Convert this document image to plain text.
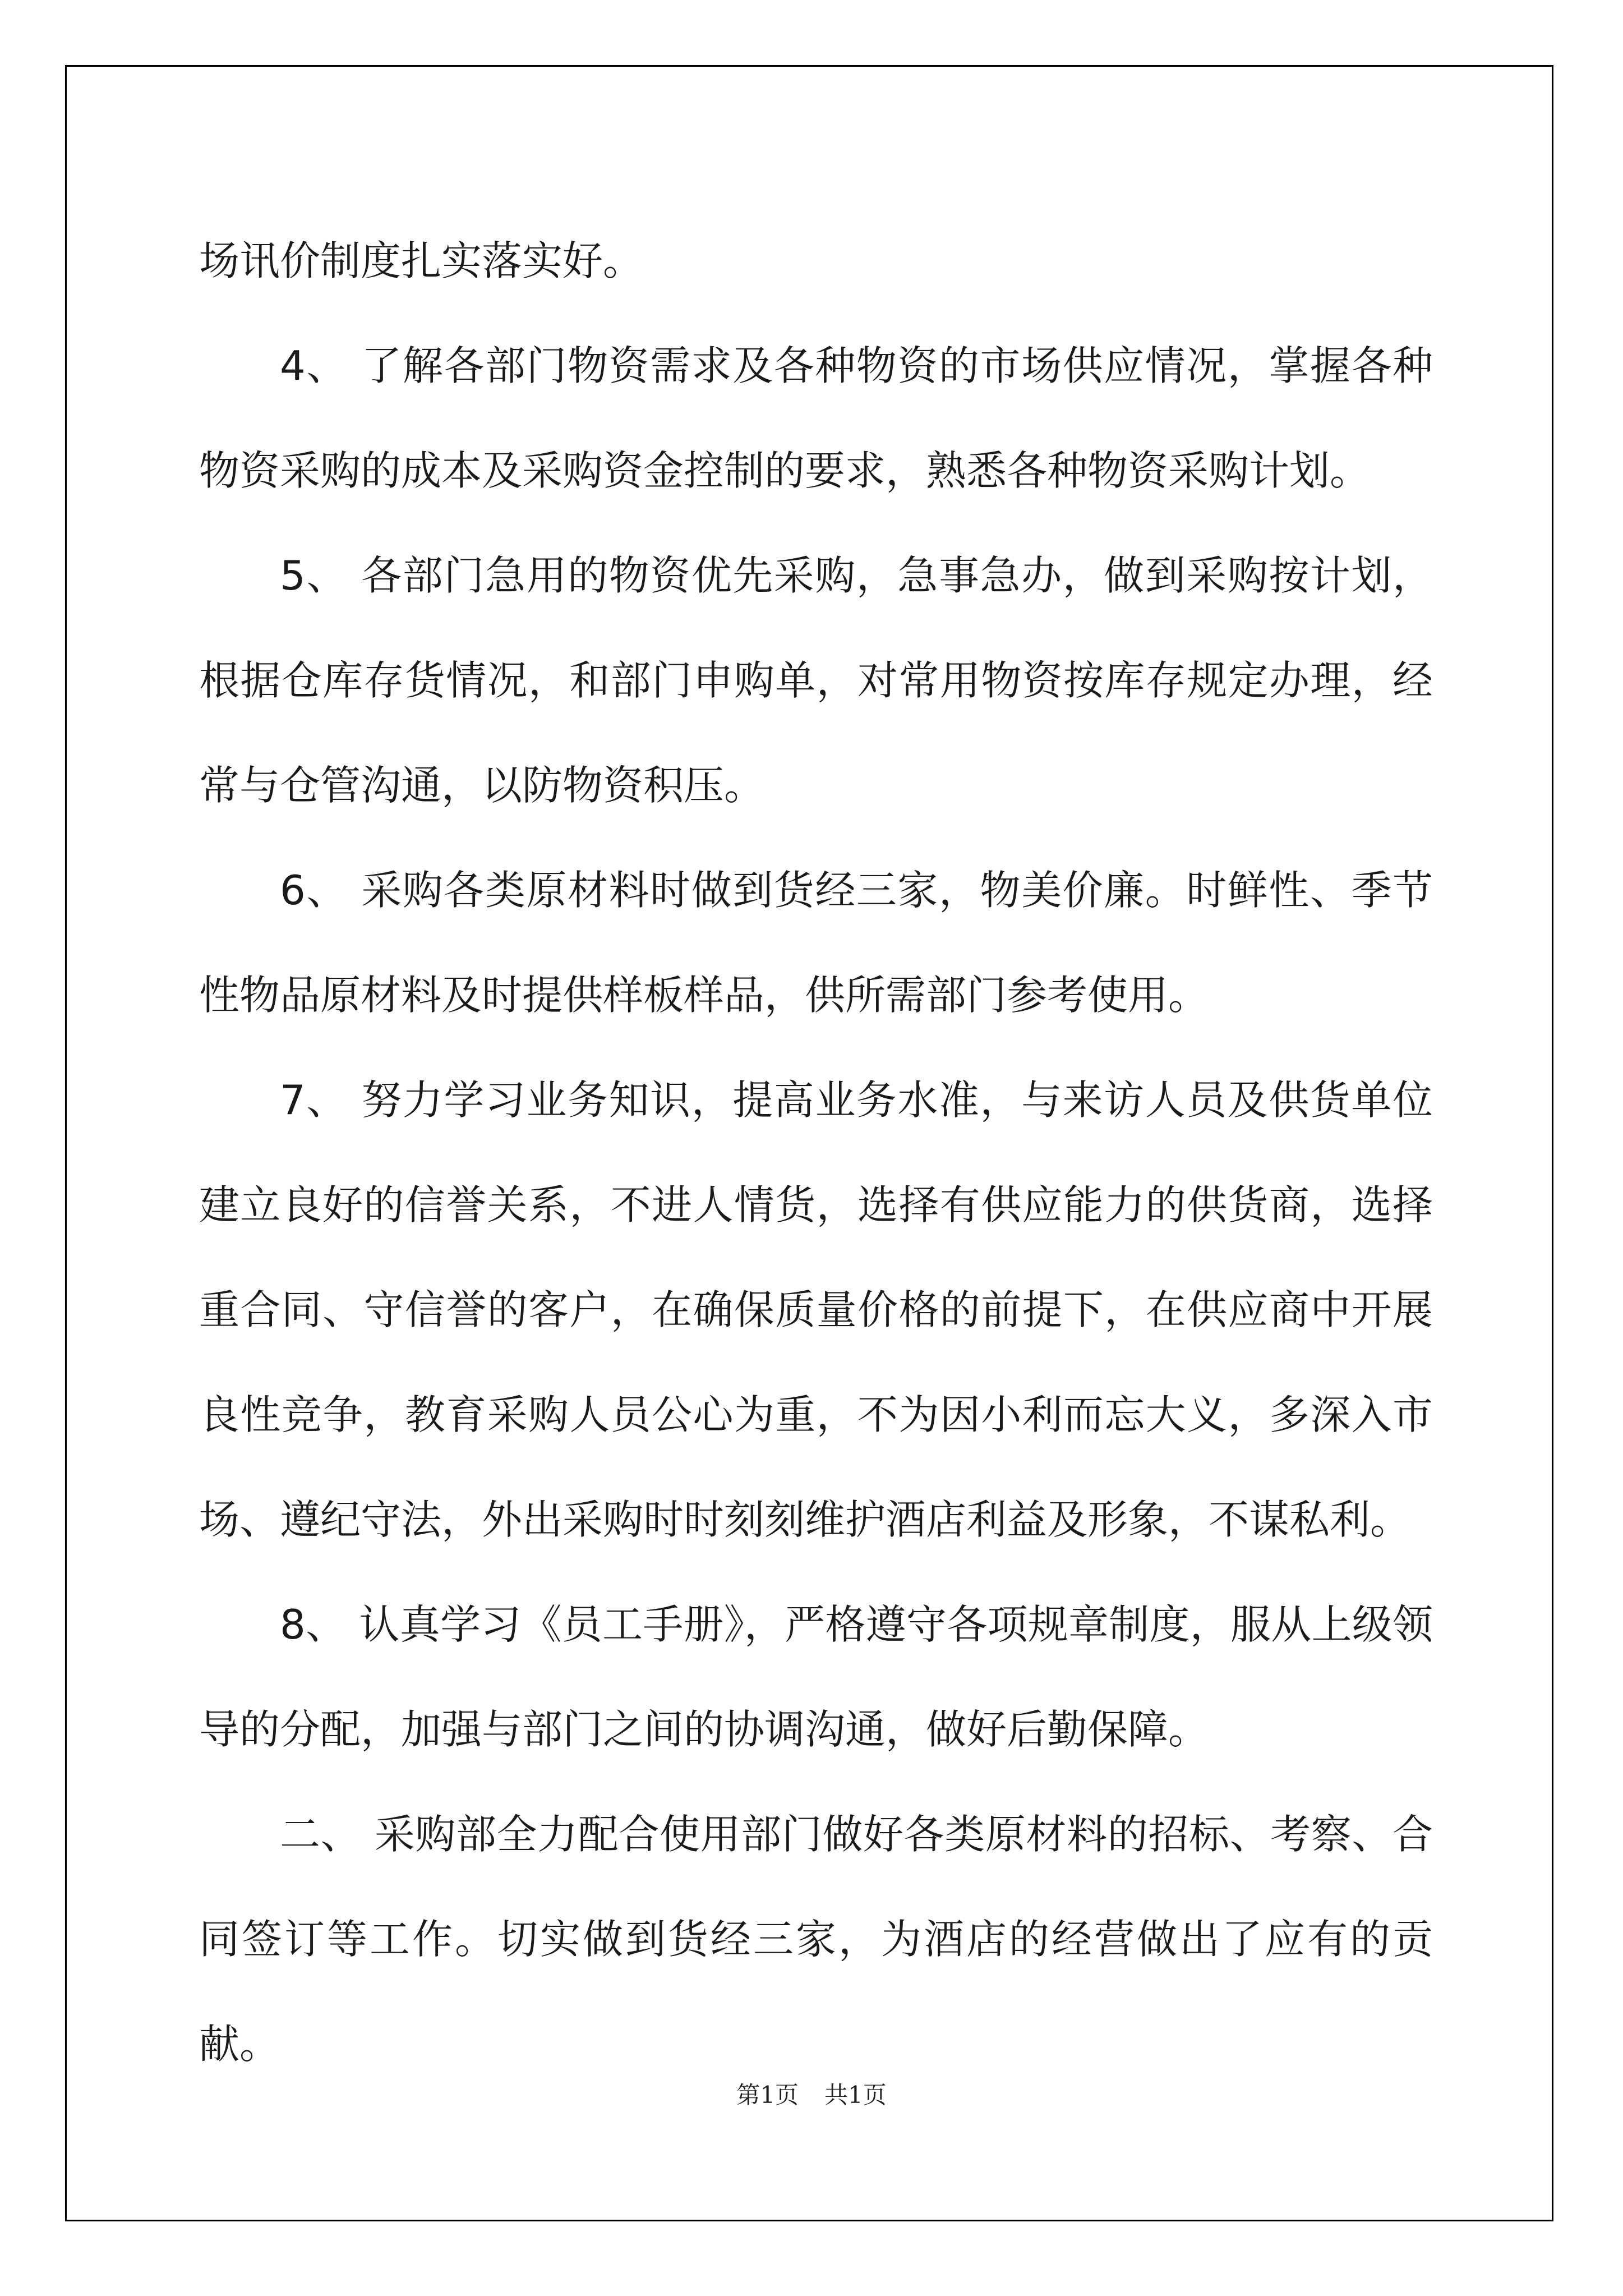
场讯价制度扎实落实好。

4、 了解各部门物资需求及各种物资的市场供应情况，掌握各种物资采购的成本及采购资金控制的要求，熟悉各种物资采购计划。

5、 各部门急用的物资优先采购，急事急办，做到采购按计划，根据仓库存货情况，和部门申购单，对常用物资按库存规定办理，经常与仓管沟通，以防物资积压。

6、 采购各类原材料时做到货经三家，物美价廉。时鲜性、季节性物品原材料及时提供样板样品，供所需部门参考使用。

7、 努力学习业务知识，提高业务水准，与来访人员及供货单位建立良好的信誉关系，不进人情货，选择有供应能力的供货商，选择重合同、守信誉的客户，在确保质量价格的前提下，在供应商中开展良性竞争，教育采购人员公心为重，不为因小利而忘大义，多深入市场、遵纪守法，外出采购时时刻刻维护酒店利益及形象，不谋私利。

8、 认真学习《员工手册》，严格遵守各项规章制度，服从上级领导的分配，加强与部门之间的协调沟通，做好后勤保障。

二、 采购部全力配合使用部门做好各类原材料的招标、考察、合同签订等工作。切实做到货经三家，为酒店的经营做出了应有的贡献。

第1页 共1页
